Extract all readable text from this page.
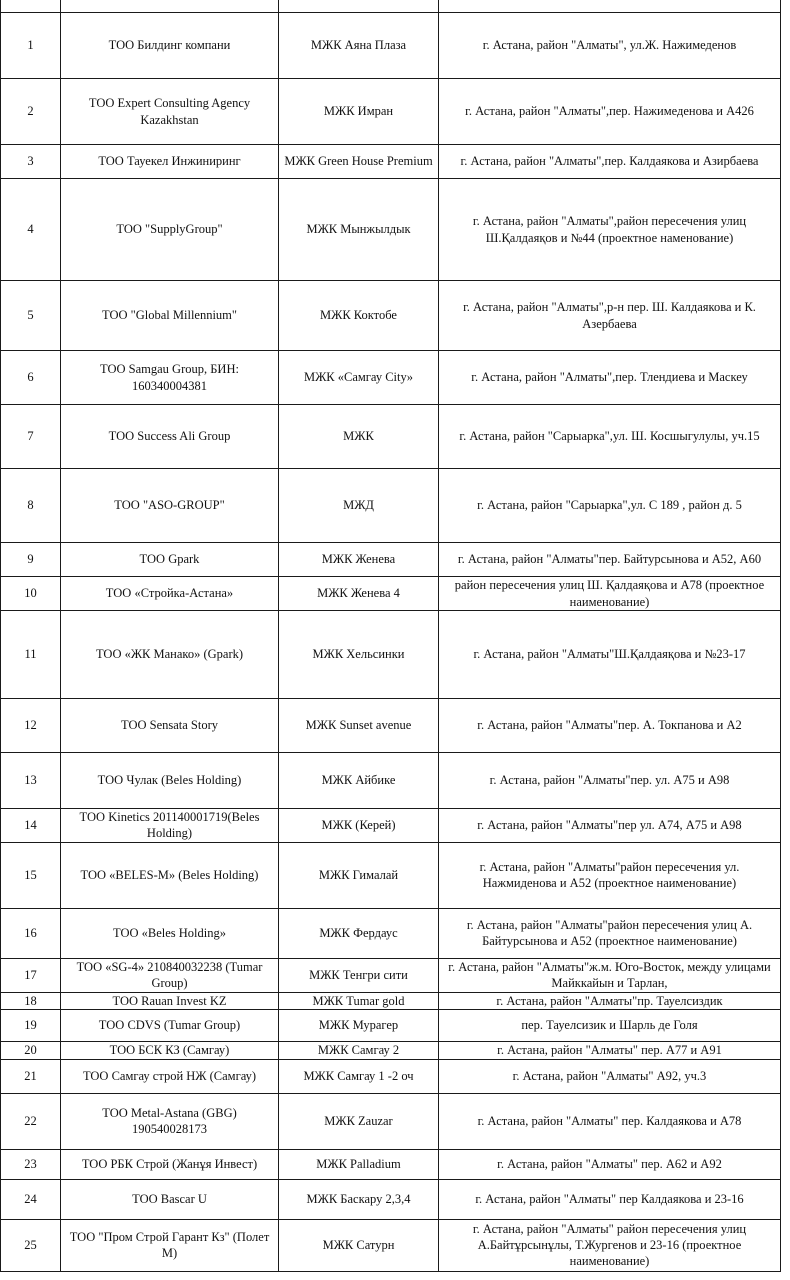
1	ТОО Билдинг компани	МЖК Аяна Плаза	г. Астана, район "Алматы", ул.Ж. Нажимеденов
2	ТОО Expert Consulting Agency Kazakhstan	МЖК Имран	г. Астана, район "Алматы",пер. Нажимеденова и А426
3	ТОО Тауекел Инжиниринг	МЖК Green House Premium	г. Астана, район "Алматы",пер. Калдаякова и Азирбаева
4	ТОО "SupplyGroup"	МЖК Мынжылдык	г. Астана, район "Алматы",район пересечения улиц Ш.Қалдаяқов и №44 (проектное наменование)
5	ТОО "Global Millennium"	МЖК Коктобе	г. Астана, район "Алматы",р-н пер. Ш. Калдаякова и К. Азербаева
6	ТОО Samgau Group, БИН: 160340004381	МЖК «Самгау City»	г. Астана, район "Алматы",пер. Тлендиева и Маскеу
7	ТОО Success Ali Group	МЖК	г. Астана, район "Сарыарка",ул. Ш. Косшыгулулы, уч.15
8	ТОО "ASO-GROUP"	МЖД	г. Астана, район "Сарыарка",ул. С 189 , район д. 5
9	ТОО Gpark	МЖК Женева	г. Астана, район "Алматы"пер. Байтурсынова и А52, А60
10	ТОО «Стройка-Астана»	МЖК Женева 4	район пересечения улиц Ш. Қалдаяқова и А78 (проектное наименование)
11	ТОО «ЖК Манако» (Gpark)	МЖК Хельсинки	г. Астана, район "Алматы"Ш.Қалдаяқова и №23-17
12	ТОО Sensata Story	МЖК Sunset avenue	г. Астана, район "Алматы"пер. А. Токпанова и А2
13	ТОО Чулак (Beles Holding)	МЖК Айбике	г. Астана, район "Алматы"пер. ул. А75 и А98
14	ТОО Kinetics 201140001719(Beles Holding)	МЖК (Керей)	г. Астана, район "Алматы"пер ул. А74, А75 и А98
15	ТОО «BELES-M» (Beles Holding)	МЖК Гималай	г. Астана, район "Алматы"район пересечения ул. Нажмиденова и А52 (проектное наименование)
16	ТОО «Beles Holding»	МЖК Фердаус	г. Астана, район "Алматы"район пересечения улиц А. Байтурсынова и А52 (проектное наименование)
17	ТОО «SG-4» 210840032238 (Tumar Group)	МЖК Тенгри сити	г. Астана, район "Алматы"ж.м. Юго-Восток, между улицами Майккайын и Тарлан,
18	ТОО Rauan Invest KZ	МЖК Tumar gold	г. Астана, район "Алматы"пр. Тауелсиздик
19	ТОО CDVS (Tumar Group)	МЖК Мурагер	пер. Тауелсизик и Шарль де Голя
20	ТОО БСК КЗ (Самгау)	МЖК Самгау 2	г. Астана, район "Алматы" пер. А77 и А91
21	ТОО Самгау строй НЖ (Самгау)	МЖК Самгау 1 -2 оч	г. Астана, район "Алматы" А92, уч.3
22	ТОО Metal-Astana (GBG) 190540028173	МЖК Zauzar	г. Астана, район "Алматы" пер. Калдаякова и А78
23	ТОО РБК Строй (Жанұя Инвест)	МЖК Palladium	г. Астана, район "Алматы" пер. А62 и А92
24	ТОО Bascar U	МЖК Баскару 2,3,4	г. Астана, район "Алматы" пер Калдаякова и 23-16
25	ТОО "Пром Строй Гарант Кз" (Полет М)	МЖК Сатурн	г. Астана, район "Алматы" район пересечения улиц А.Байтұрсынұлы, Т.Жургенов и 23-16 (проектное наименование)
